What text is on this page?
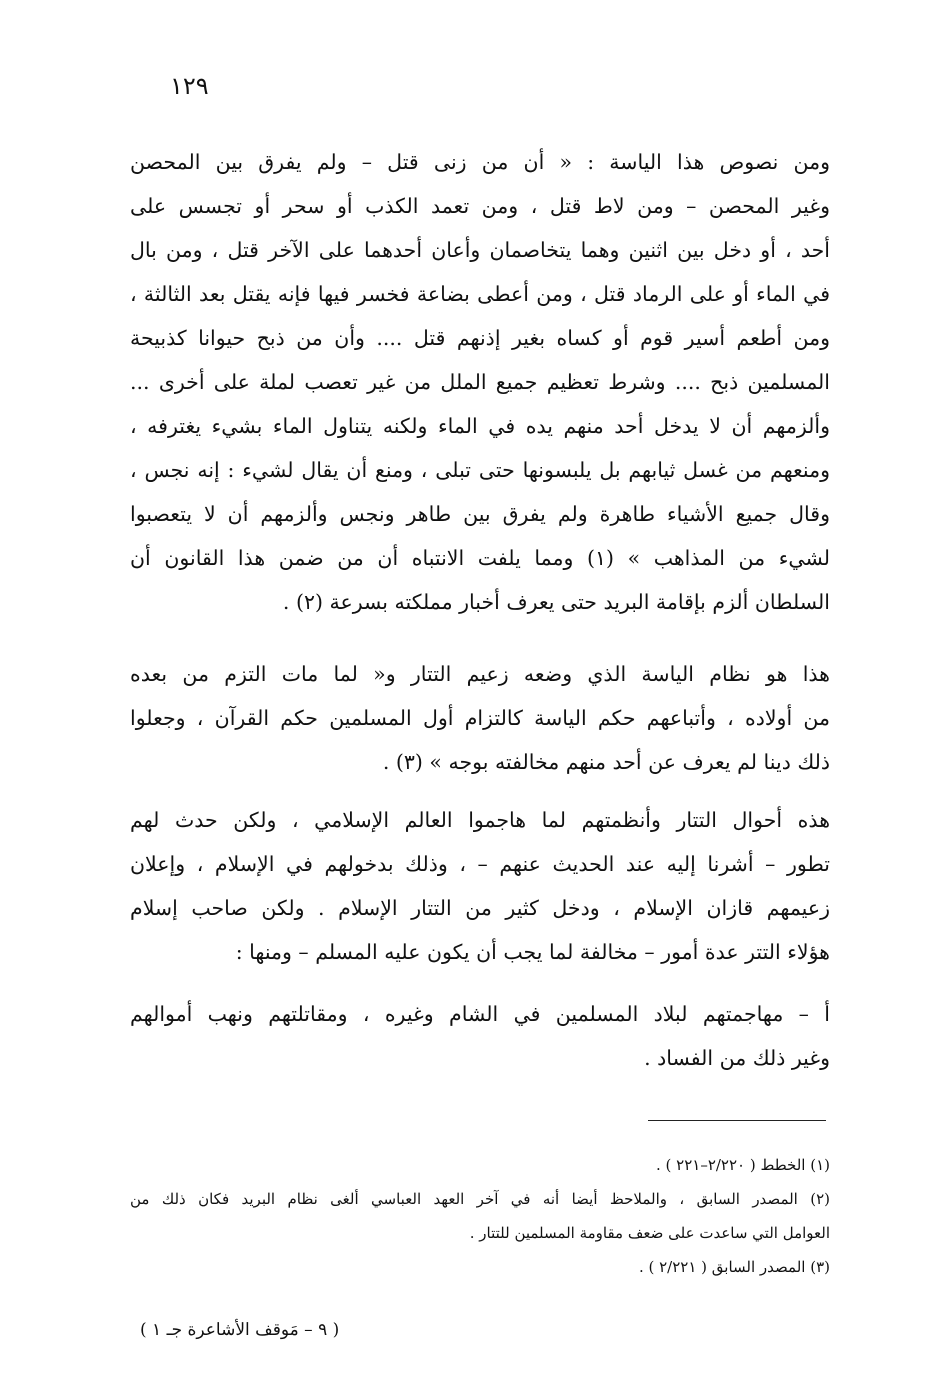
١٢٩
ومن نصوص هذا الياسة : « أن من زنى قتل – ولم يفرق بين المحصن
وغير المحصن – ومن لاط قتل ، ومن تعمد الكذب أو سحر أو تجسس على
أحد ، أو دخل بين اثنين وهما يتخاصمان وأعان أحدهما على الآخر قتل ، ومن بال
في الماء أو على الرماد قتل ، ومن أعطى بضاعة فخسر فيها فإنه يقتل بعد الثالثة ،
ومن أطعم أسير قوم أو كساه بغير إذنهم قتل .... وأن من ذبح حيوانا كذبيحة
المسلمين ذبح .... وشرط تعظيم جميع الملل من غير تعصب لملة على أخرى ...
وألزمهم أن لا يدخل أحد منهم يده في الماء ولكنه يتناول الماء بشيء يغترفه ،
ومنعهم من غسل ثيابهم بل يلبسونها حتى تبلى ، ومنع أن يقال لشيء : إنه نجس ،
وقال جميع الأشياء طاهرة ولم يفرق بين طاهر ونجس وألزمهم أن لا يتعصبوا
لشيء من المذاهب » (١) ومما يلفت الانتباه أن من ضمن هذا القانون أن
السلطان ألزم بإقامة البريد حتى يعرف أخبار مملكته بسرعة (٢) .
هذا هو نظام الياسة الذي وضعه زعيم التتار و« لما مات التزم من بعده
من أولاده ، وأتباعهم حكم الياسة كالتزام أول المسلمين حكم القرآن ، وجعلوا
ذلك دينا لم يعرف عن أحد منهم مخالفته بوجه » (٣) .
هذه أحوال التتار وأنظمتهم لما هاجموا العالم الإسلامي ، ولكن حدث لهم
تطور – أشرنا إليه عند الحديث عنهم – ، وذلك بدخولهم في الإسلام ، وإعلان
زعيمهم قازان الإسلام ، ودخل كثير من التتار الإسلام . ولكن صاحب إسلام
هؤلاء التتر عدة أمور – مخالفة لما يجب أن يكون عليه المسلم – ومنها :
أ – مهاجمتهم لبلاد المسلمين في الشام وغيره ، ومقاتلتهم ونهب أموالهم
وغير ذلك من الفساد .
(١) الخطط ( ٢/٢٢٠–٢٢١ ) .
(٢) المصدر السابق ، والملاحظ أيضا أنه في آخر العهد العباسي ألغى نظام البريد فكان ذلك من
العوامل التي ساعدت على ضعف مقاومة المسلمين للتتار .
(٣) المصدر السابق ( ٢/٢٢١ ) .
( ٩ – مَوقف الأشاعرة جـ ١ )
